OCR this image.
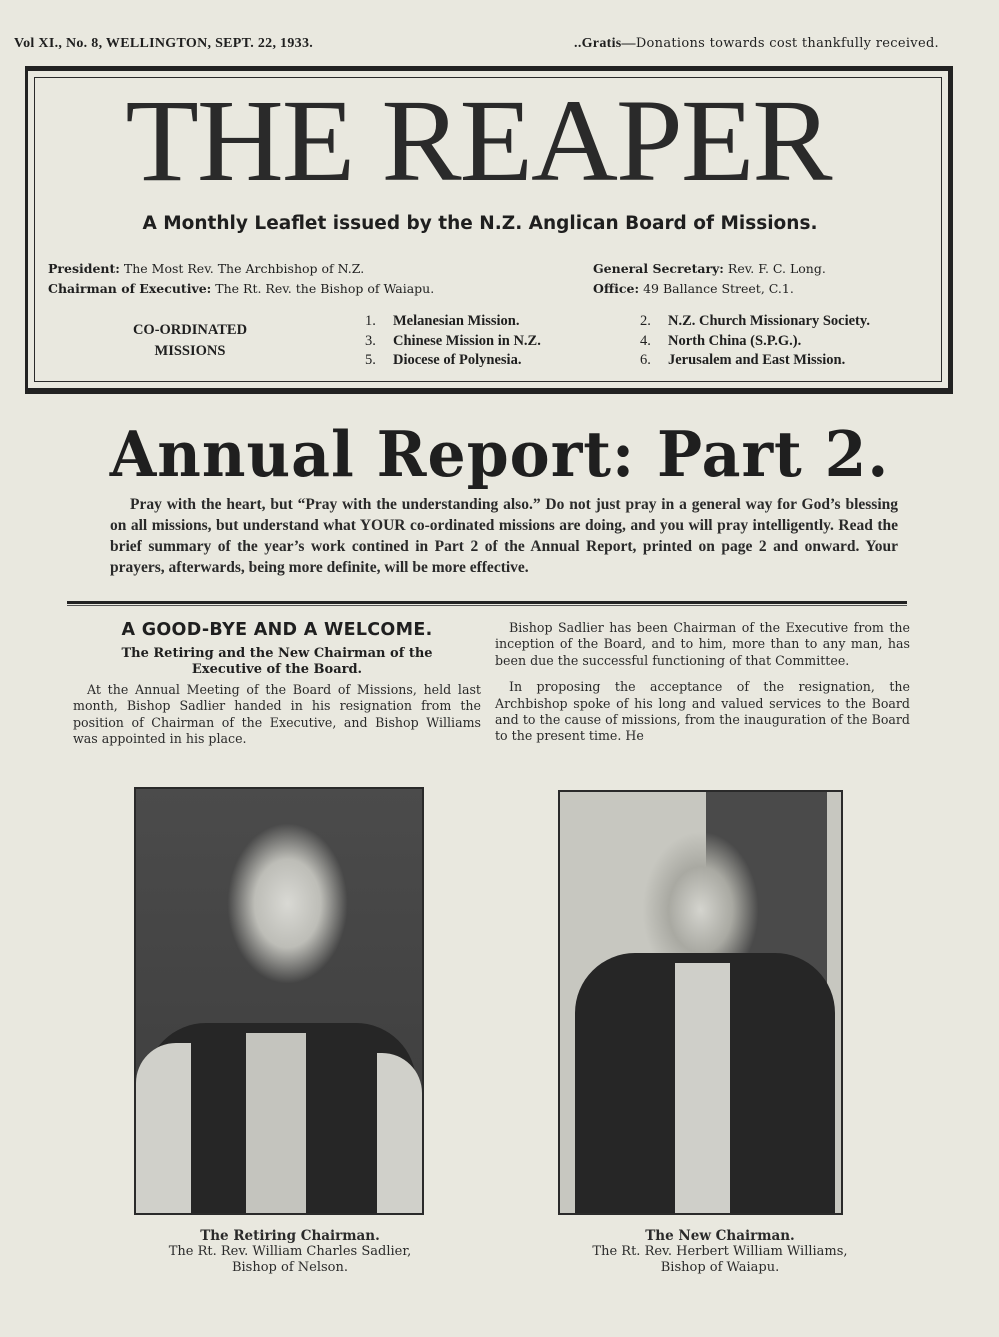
Vol XI., No. 8, WELLINGTON, SEPT. 22, 1933.	..Gratis—Donations towards cost thankfully received.
THE REAPER
A Monthly Leaflet issued by the N.Z. Anglican Board of Missions.
President: The Most Rev. The Archbishop of N.Z.
Chairman of Executive: The Rt. Rev. the Bishop of Waiapu.
General Secretary: Rev. F. C. Long.
Office: 49 Ballance Street, C.1.
CO-ORDINATED
MISSIONS
1. Melanesian Mission.
3. Chinese Mission in N.Z.
5. Diocese of Polynesia.
2. N.Z. Church Missionary Society.
4. North China (S.P.G.).
6. Jerusalem and East Mission.
Annual Report: Part 2.

Pray with the heart, but “Pray with the understanding also.” Do not just pray in a general way for God’s blessing on all missions, but understand what YOUR co-ordinated missions are doing, and you will pray intelligently. Read the brief summary of the year’s work contined in Part 2 of the Annual Report, printed on page 2 and onward. Your prayers, afterwards, being more definite, will be more effective.

A GOOD-BYE AND A WELCOME.
The Retiring and the New Chairman of the Executive of the Board.

At the Annual Meeting of the Board of Missions, held last month, Bishop Sadlier handed in his resignation from the position of Chairman of the Executive, and Bishop Williams was appointed in his place.

Bishop Sadlier has been Chairman of the Executive from the inception of the Board, and to him, more than to any man, has been due the successful functioning of that Committee.

In proposing the acceptance of the resignation, the Archbishop spoke of his long and valued services to the Board and to the cause of missions, from the inauguration of the Board to the present time. He

The Retiring Chairman.
The Rt. Rev. William Charles Sadlier,
Bishop of Nelson.
The New Chairman.
The Rt. Rev. Herbert William Williams,
Bishop of Waiapu.
